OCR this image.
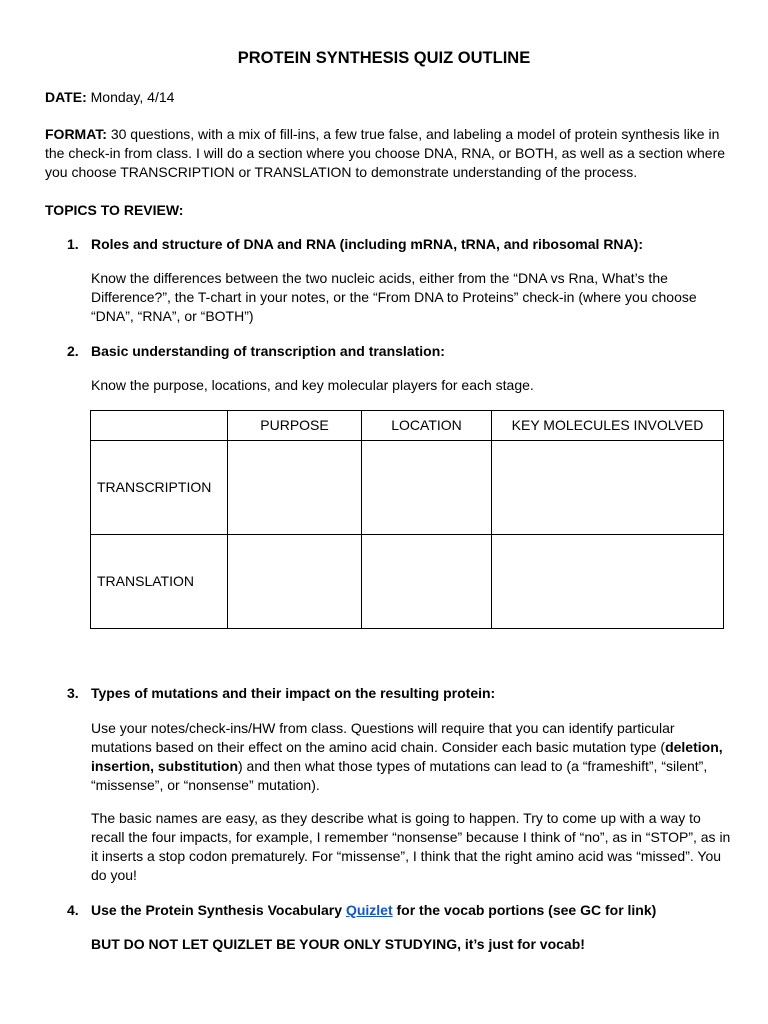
PROTEIN SYNTHESIS QUIZ OUTLINE
DATE: Monday, 4/14
FORMAT: 30 questions, with a mix of fill-ins, a few true false, and labeling a model of protein synthesis like in
the check-in from class. I will do a section where you choose DNA, RNA, or BOTH, as well as a section where
you choose TRANSCRIPTION or TRANSLATION to demonstrate understanding of the process.
TOPICS TO REVIEW:
1. Roles and structure of DNA and RNA (including mRNA, tRNA, and ribosomal RNA):
Know the differences between the two nucleic acids, either from the “DNA vs Rna, What’s the
Difference?”, the T-chart in your notes, or the “From DNA to Proteins” check-in (where you choose
“DNA”, “RNA”, or “BOTH”)
2. Basic understanding of transcription and translation:
Know the purpose, locations, and key molecular players for each stage.
	PURPOSE	LOCATION	KEY MOLECULES INVOLVED
TRANSCRIPTION			
TRANSLATION			
3. Types of mutations and their impact on the resulting protein:
Use your notes/check-ins/HW from class. Questions will require that you can identify particular
mutations based on their effect on the amino acid chain. Consider each basic mutation type (deletion,
insertion, substitution) and then what those types of mutations can lead to (a “frameshift”, “silent”,
“missense”, or “nonsense” mutation).
The basic names are easy, as they describe what is going to happen. Try to come up with a way to
recall the four impacts, for example, I remember “nonsense” because I think of “no”, as in “STOP”, as in
it inserts a stop codon prematurely. For “missense”, I think that the right amino acid was “missed”. You
do you!
4. Use the Protein Synthesis Vocabulary Quizlet for the vocab portions (see GC for link)
BUT DO NOT LET QUIZLET BE YOUR ONLY STUDYING, it’s just for vocab!
